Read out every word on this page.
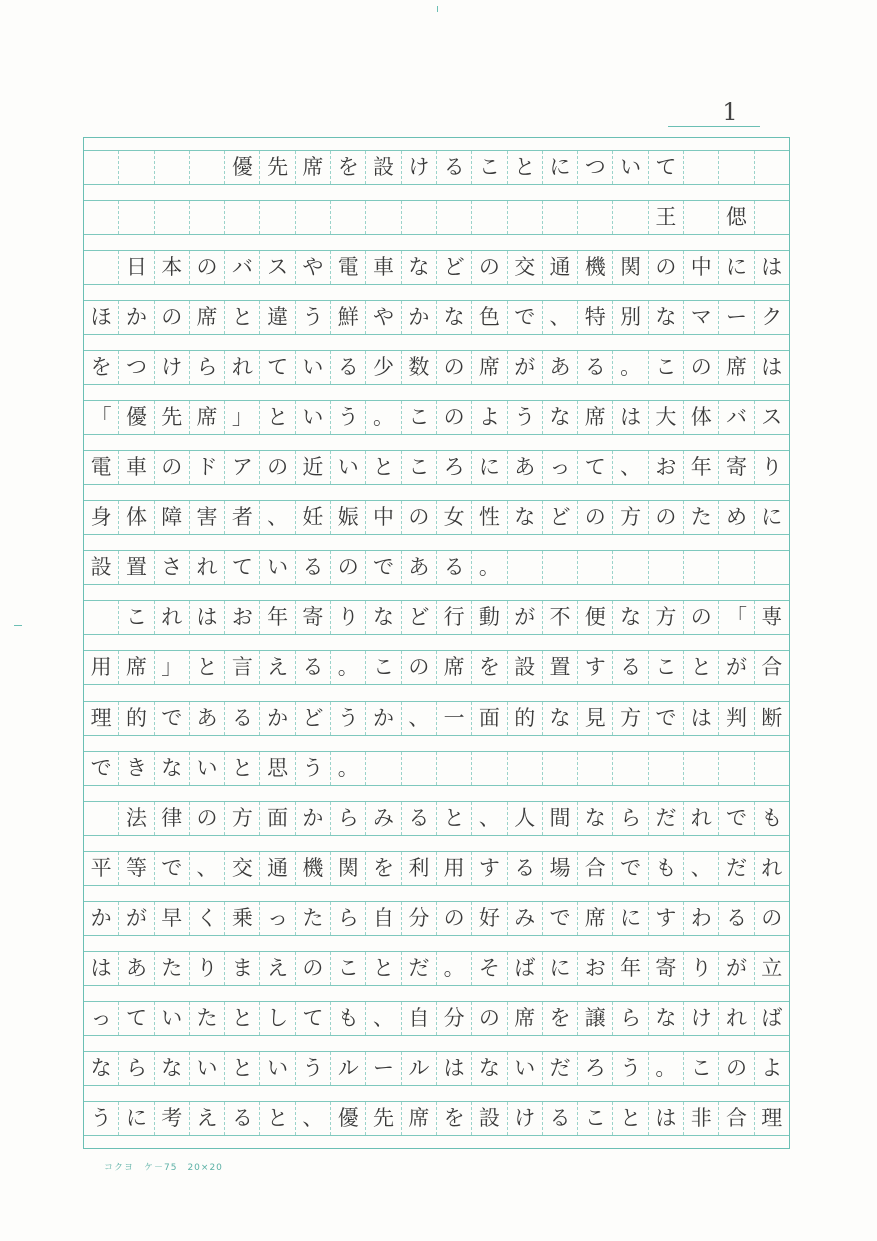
1
優 先 席 を 設 け る こ と に つ い て
王	偲
日 本 の バ ス や 電 車 な ど の 交 通 機 関 の 中 に は
ほ か の 席 と 違 う 鮮 や か な 色 で 、 特 別 な マ ー ク
を つ け ら れ て い る 少 数 の 席 が あ る 。 こ の 席 は
「 優 先 席 」 と い う 。 こ の よ う な 席 は 大 体 バ ス
電 車 の ド ア の 近 い と こ ろ に あ っ て 、 お 年 寄 り
身 体 障 害 者 、 妊 娠 中 の 女 性 な ど の 方 の た め に
設 置 さ れ て い る の で あ る 。
こ れ は お 年 寄 り な ど 行 動 が 不 便 な 方 の 「 専
用 席 」 と 言 え る 。 こ の 席 を 設 置 す る こ と が 合
理 的 で あ る か ど う か 、 一 面 的 な 見 方 で は 判 断
で き な い と 思 う 。
法 律 の 方 面 か ら み る と 、 人 間 な ら だ れ で も
平 等 で 、 交 通 機 関 を 利 用 す る 場 合 で も 、 だ れ
か が 早 く 乗 っ た ら 自 分 の 好 み で 席 に す わ る の
は あ た り ま え の こ と だ 。 そ ば に お 年 寄 り が 立
っ て い た と し て も 、 自 分 の 席 を 譲 ら な け れ ば
な ら な い と い う ル ー ル は な い だ ろ う 。 こ の よ
う に 考 え る と 、 優 先 席 を 設 け る こ と は 非 合 理
コクヨ　ケ－75　20×20
